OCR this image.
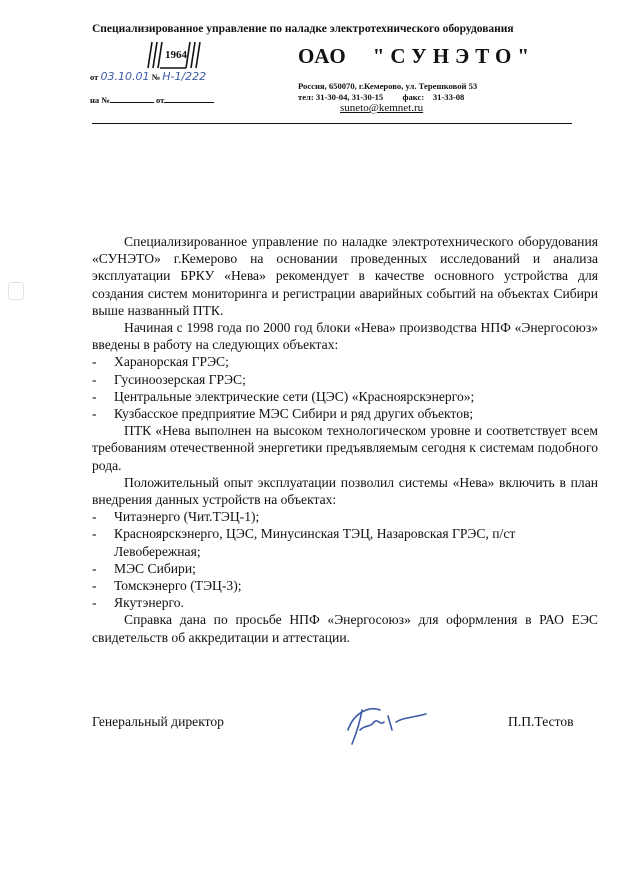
Специализированное управление по наладке электротехнического оборудования
1964	ОАО "СУНЭТО"
Россия, 650070, г.Кемерово, ул. Терешковой 53
тел: 31-30-04, 31-30-15 факс: 31-33-08
suneto@kemnet.ru
от 03.10.01 № Н-1/222
на №	от

Специализированное управление по наладке электротехнического оборудования «СУНЭТО» г.Кемерово на основании проведенных исследований и анализа эксплуатации БРКУ «Нева» рекомендует в качестве основного устройства для создания систем мониторинга и регистрации аварийных событий на объектах Сибири выше названный ПТК.

Начиная с 1998 года по 2000 год блоки «Нева» производства НПФ «Энергосоюз» введены в работу на следующих объектах:

- Харанорская ГРЭС;
- Гусиноозерская ГРЭС;
- Центральные электрические сети (ЦЭС) «Красноярскэнерго»;
- Кузбасское предприятие МЭС Сибири и ряд других объектов;

ПТК «Нева выполнен на высоком технологическом уровне и соответствует всем требованиям отечественной энергетики предъявляемым сегодня к системам подобного рода.

Положительный опыт эксплуатации позволил системы «Нева» включить в план внедрения данных устройств на объектах:

- Читаэнерго (Чит.ТЭЦ-1);
- Красноярскэнерго, ЦЭС, Минусинская ТЭЦ, Назаровская ГРЭС, п/ст Левобережная;
- МЭС Сибири;
- Томскэнерго (ТЭЦ-3);
- Якутэнерго.

Справка дана по просьбе НПФ «Энергосоюз» для оформления в РАО ЕЭС свидетельств об аккредитации и аттестации.

Генеральный директор	П.П.Тестов
